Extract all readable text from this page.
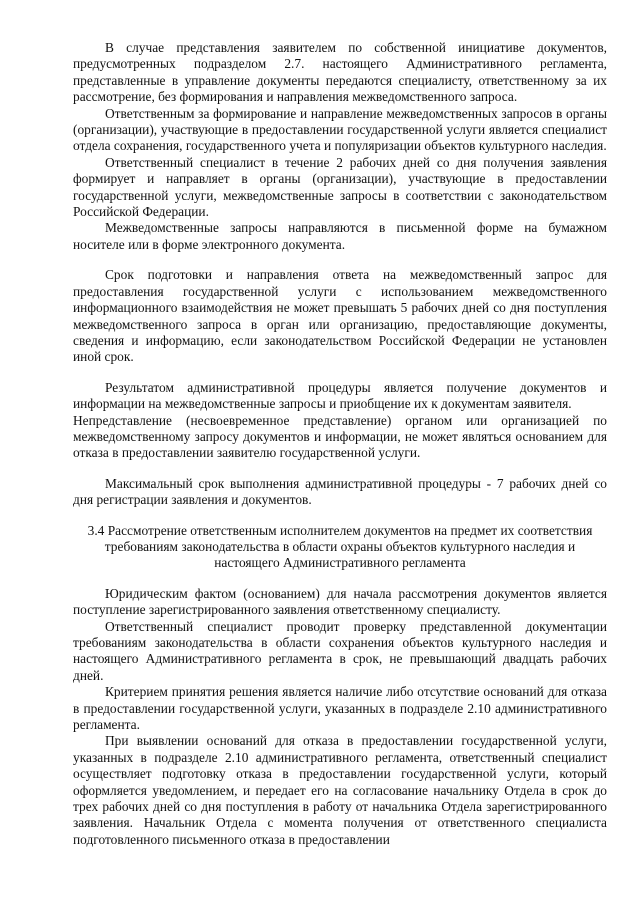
В случае представления заявителем по собственной инициативе документов, предусмотренных подразделом 2.7. настоящего Административного регламента, представленные в управление документы передаются специалисту, ответственному за их рассмотрение, без формирования и направления межведомственного запроса.

Ответственным за формирование и направление межведомственных запросов в органы (организации), участвующие в предоставлении государственной услуги является специалист отдела сохранения, государственного учета и популяризации объектов культурного наследия.

Ответственный специалист в течение 2 рабочих дней со дня получения заявления формирует и направляет в органы (организации), участвующие в предоставлении государственной услуги, межведомственные запросы в соответствии с законодательством Российской Федерации.

Межведомственные запросы направляются в письменной форме на бумажном носителе или в форме электронного документа.

Срок подготовки и направления ответа на межведомственный запрос для предоставления государственной услуги с использованием межведомственного информационного взаимодействия не может превышать 5 рабочих дней со дня поступления межведомственного запроса в орган или организацию, предоставляющие документы, сведения и информацию, если законодательством Российской Федерации не установлен иной срок.

Результатом административной процедуры является получение документов и информации на межведомственные запросы и приобщение их к документам заявителя.

Непредставление (несвоевременное представление) органом или организацией по межведомственному запросу документов и информации, не может являться основанием для отказа в предоставлении заявителю государственной услуги.

Максимальный срок выполнения административной процедуры - 7 рабочих дней со дня регистрации заявления и документов.

3.4 Рассмотрение ответственным исполнителем документов на предмет их соответствия требованиям законодательства в области охраны объектов культурного наследия и настоящего Административного регламента

Юридическим фактом (основанием) для начала рассмотрения документов является поступление зарегистрированного заявления ответственному специалисту.

Ответственный специалист проводит проверку представленной документации требованиям законодательства в области сохранения объектов культурного наследия и настоящего Административного регламента в срок, не превышающий двадцать рабочих дней.

Критерием принятия решения является наличие либо отсутствие оснований для отказа в предоставлении государственной услуги, указанных в подразделе 2.10 административного регламента.

При выявлении оснований для отказа в предоставлении государственной услуги, указанных в подразделе 2.10 административного регламента, ответственный специалист осуществляет подготовку отказа в предоставлении государственной услуги, который оформляется уведомлением, и передает его на согласование начальнику Отдела в срок до трех рабочих дней со дня поступления в работу от начальника Отдела зарегистрированного заявления. Начальник Отдела с момента получения от ответственного специалиста подготовленного письменного отказа в предоставлении
